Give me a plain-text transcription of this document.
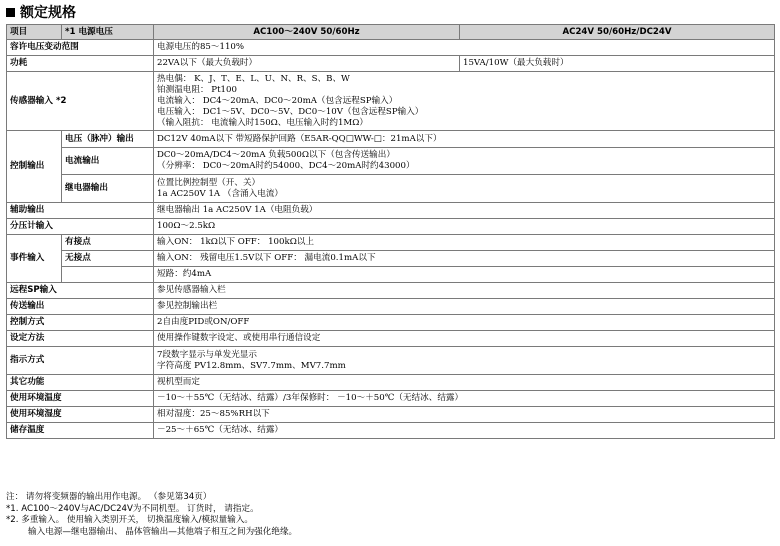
额定规格
项目	*1 电源电压	AC100～240V 50/60Hz	AC24V 50/60Hz/DC24V
容许电压变动范围		电源电压的85～110%	
功耗		22VA以下（最大负载时）	15VA/10W（最大负载时）
传感器输入 *2		热电偶： K、J、T、E、L、U、N、R、S、B、W
铂测温电阻： Pt100
电流输入： DC4～20mA、DC0～20mA（包含远程SP输入）
电压输入： DC1～5V、DC0～5V、DC0～10V（包含远程SP输入）
（输入阻抗： 电流输入时150Ω、电压输入时约1MΩ）	

控制输出	电压（脉冲）输出	DC12V 40mA以下 带短路保护回路（E5AR-QQ□WW-□：21mA以下）	
	电流输出	DC0～20mA/DC4～20mA 负载500Ω以下（包含传送输出）
（分辨率： DC0～20mA时约54000、DC4～20mA时约43000）	

	继电器输出	位置比例控制型（开、关）
1a AC250V 1A （含涌入电流）	

辅助输出		继电器输出 1a AC250V 1A（电阻负载）	
分压计输入		100Ω～2.5kΩ	
事件输入	有接点	输入ON： 1kΩ以下 OFF： 100kΩ以上	
	无接点	输入ON： 残留电压1.5V以下 OFF： 漏电流0.1mA以下	
		短路：约4mA	
远程SP输入		参见传感器输入栏	
传送输出		参见控制输出栏	
控制方式		2自由度PID或ON/OFF	
设定方法		使用操作键数字设定、或使用串行通信设定	
指示方式		7段数字显示与单发光显示
字符高度 PV12.8mm、SV7.7mm、MV7.7mm	

其它功能		视机型而定	
使用环境温度		－10～＋55℃（无结冰、结露）/3年保修时： －10～＋50℃（无结冰、结露）	
使用环境湿度		相对湿度：25～85%RH以下	
储存温度		－25～＋65℃（无结冰、结露）	
注： 请勿将变频器的输出用作电源。 （参见第34页）
*1. AC100～240V与AC/DC24V为不同机型。 订货时， 请指定。
*2. 多重输入。 使用输入类别开关， 切换温度输入/模拟量输入。
输入电源—继电器输出、 晶体管输出—其他端子相互之间为强化绝缘。
